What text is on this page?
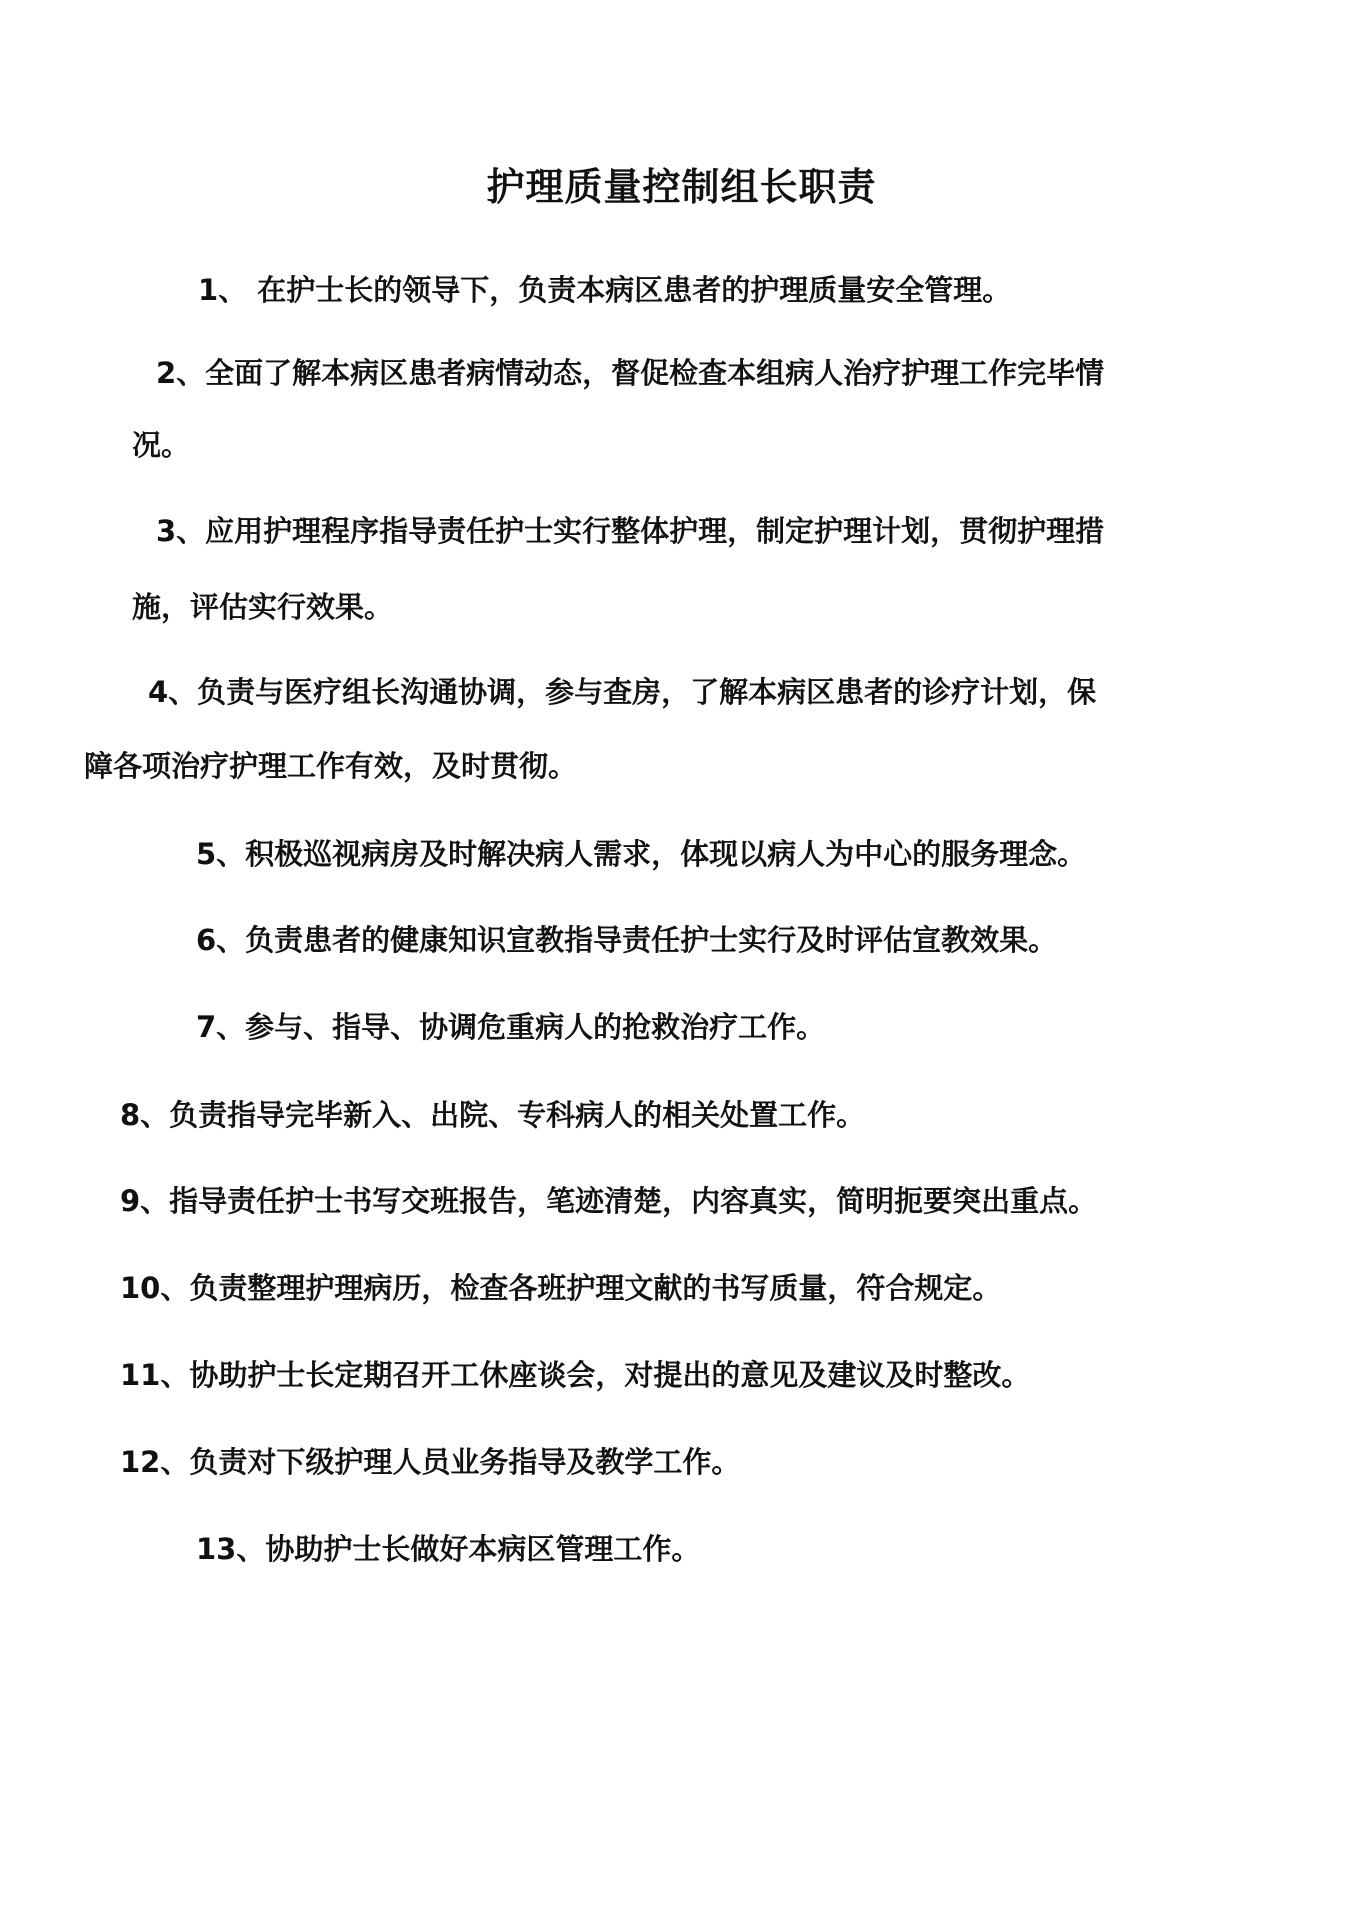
护理质量控制组长职责
1、 在护士长的领导下，负责本病区患者的护理质量安全管理。
2、全面了解本病区患者病情动态，督促检查本组病人治疗护理工作完毕情
况。
3、应用护理程序指导责任护士实行整体护理，制定护理计划，贯彻护理措
施，评估实行效果。
4、负责与医疗组长沟通协调，参与查房，了解本病区患者的诊疗计划，保
障各项治疗护理工作有效，及时贯彻。
5、积极巡视病房及时解决病人需求，体现以病人为中心的服务理念。
6、负责患者的健康知识宣教指导责任护士实行及时评估宣教效果。
7、参与、指导、协调危重病人的抢救治疗工作。
8、负责指导完毕新入、出院、专科病人的相关处置工作。
9、指导责任护士书写交班报告，笔迹清楚，内容真实，简明扼要突出重点。
10、负责整理护理病历，检查各班护理文献的书写质量，符合规定。
11、协助护士长定期召开工休座谈会，对提出的意见及建议及时整改。
12、负责对下级护理人员业务指导及教学工作。
13、协助护士长做好本病区管理工作。
